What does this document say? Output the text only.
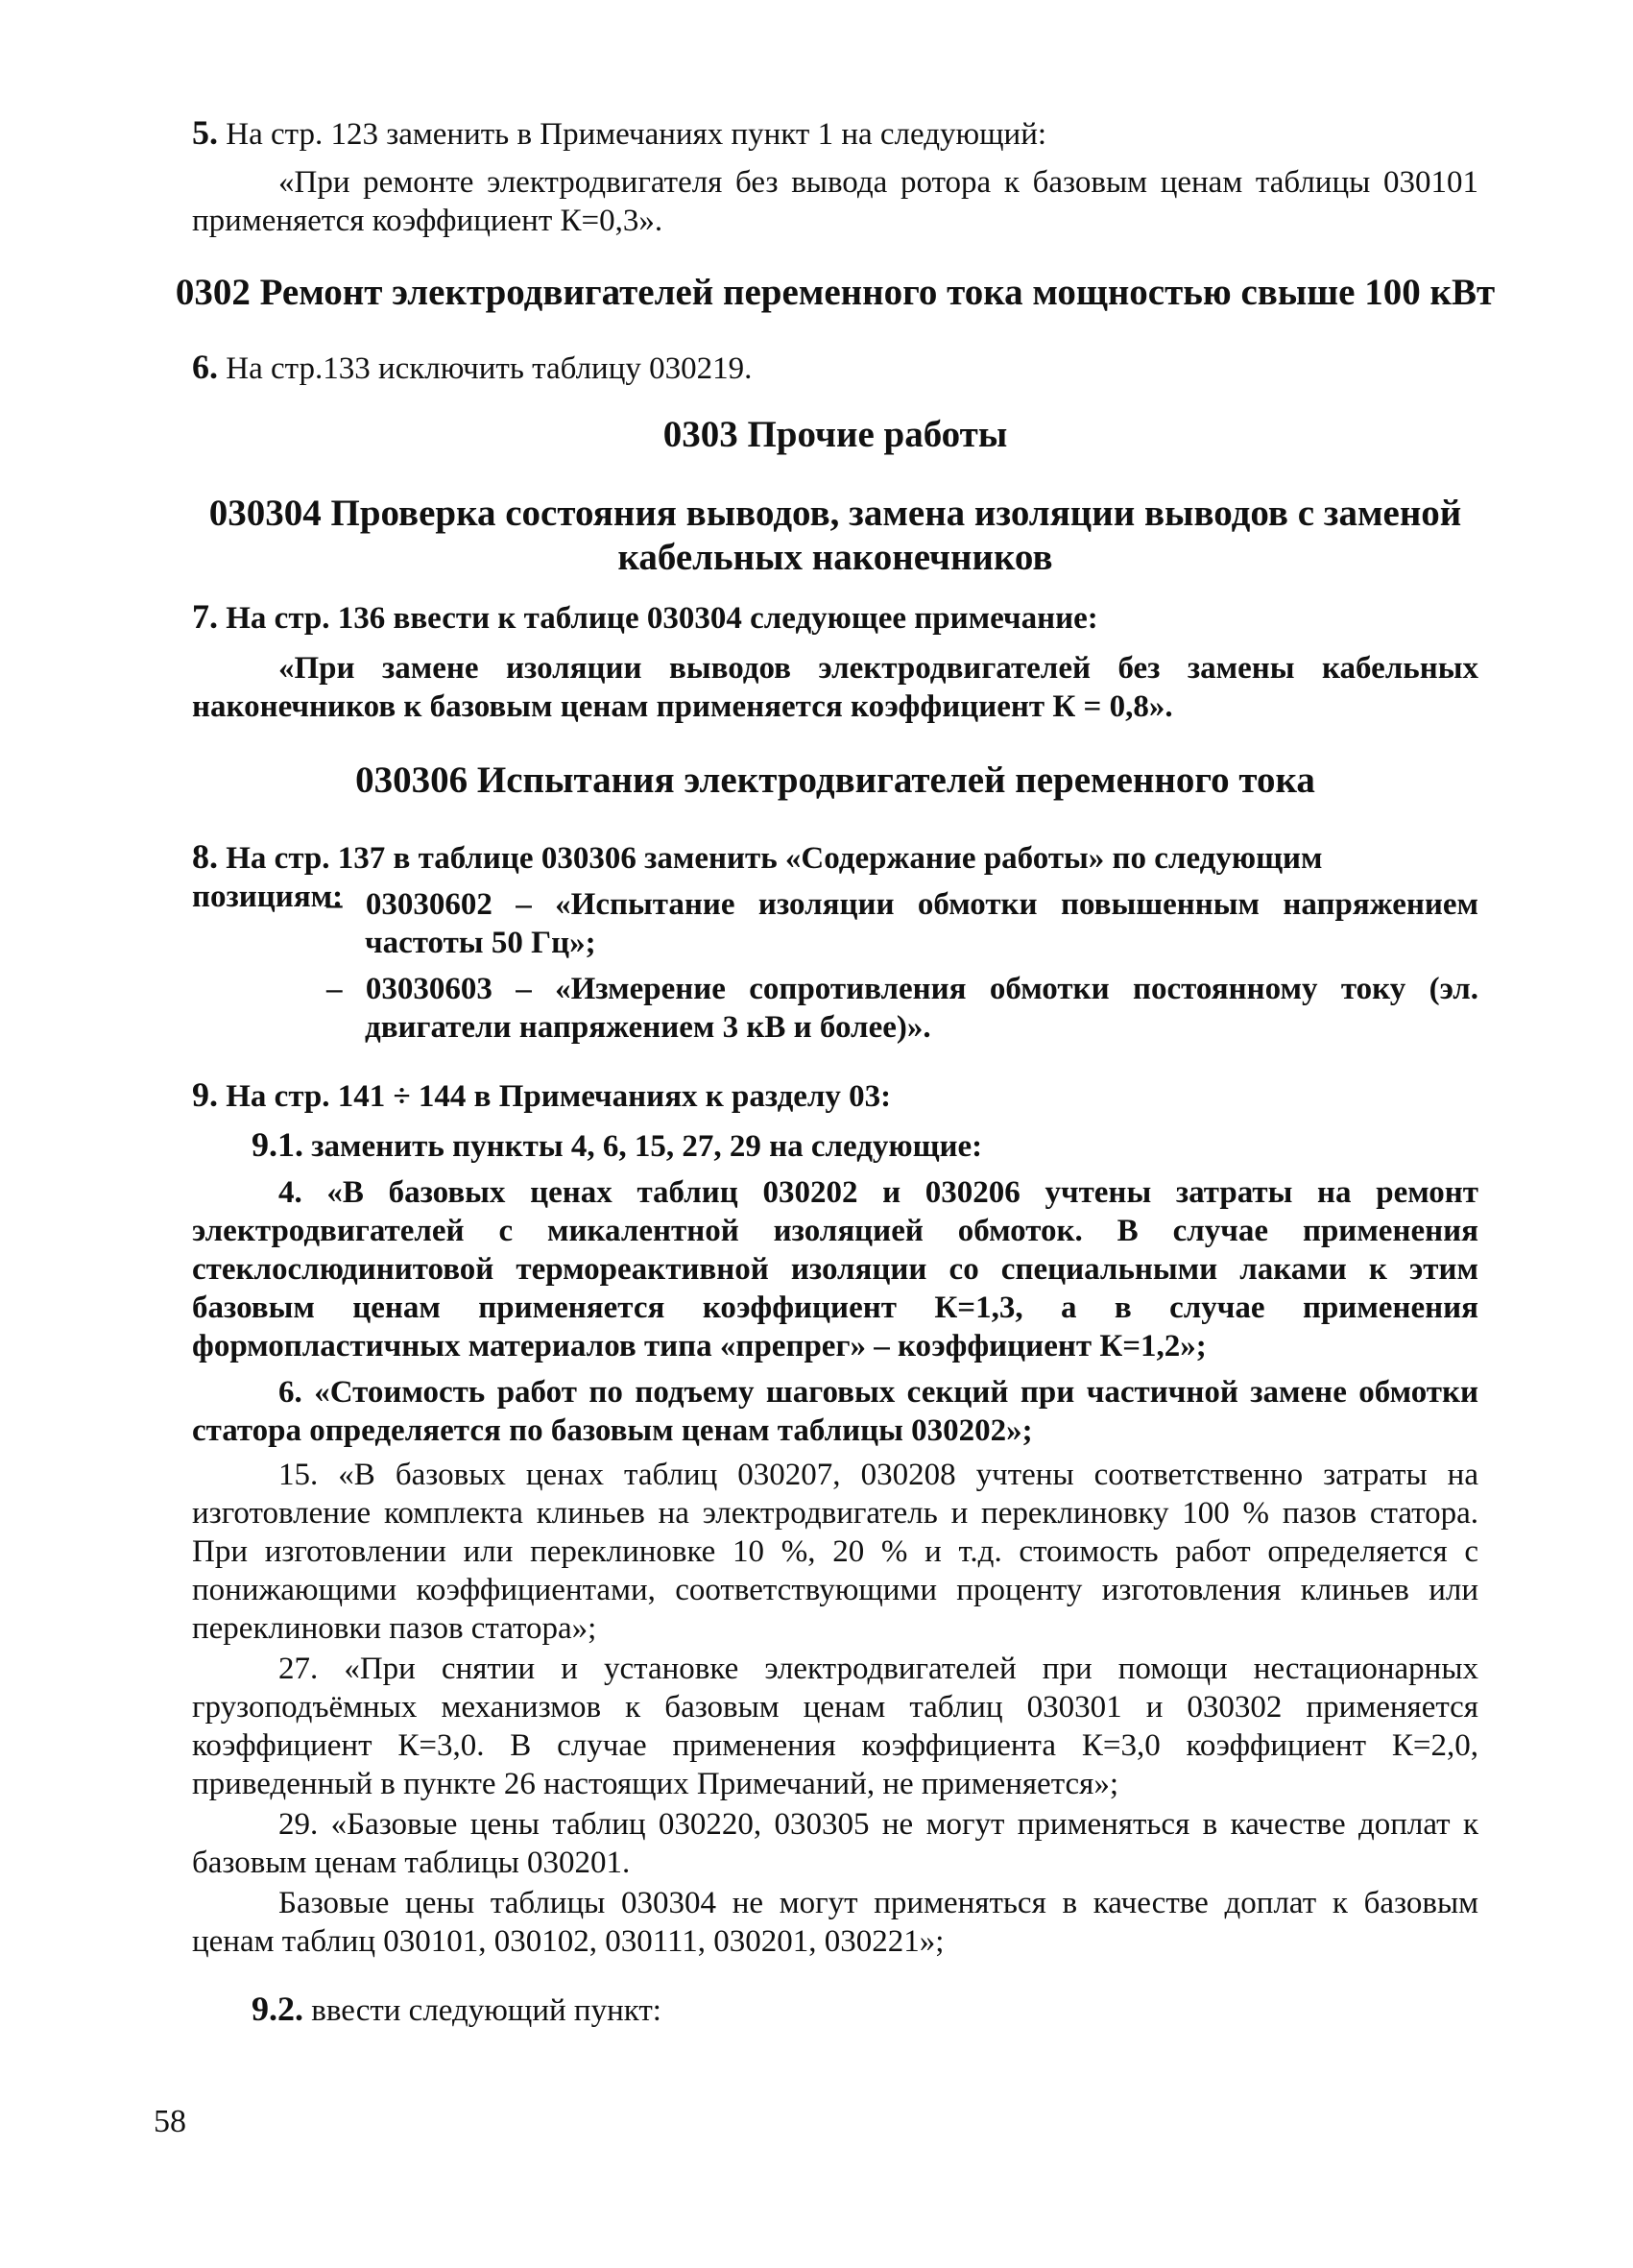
5. На стр. 123 заменить в Примечаниях пункт 1 на следующий:

«При ремонте электродвигателя без вывода ротора к базовым ценам таблицы 030101 применяется коэффициент К=0,3».

0302 Ремонт электродвигателей переменного тока мощностью свыше 100 кВт

6. На стр.133 исключить таблицу 030219.

0303 Прочие работы

030304 Проверка состояния выводов, замена изоляции выводов с заменой кабельных наконечников

7. На стр. 136 ввести к таблице 030304 следующее примечание:

«При замене изоляции выводов электродвигателей без замены кабельных наконечников к базовым ценам применяется коэффициент К = 0,8».

030306 Испытания электродвигателей переменного тока

8. На стр. 137 в таблице 030306 заменить «Содержание работы» по следующим позициям:

– 03030602 – «Испытание изоляции обмотки повышенным напряжением частоты 50 Гц»;

– 03030603 – «Измерение сопротивления обмотки постоянному току (эл. двигатели напряжением 3 кВ и более)».

9. На стр. 141 ÷ 144 в Примечаниях к разделу 03:

9.1. заменить пункты 4, 6, 15, 27, 29 на следующие:

4. «В базовых ценах таблиц 030202 и 030206 учтены затраты на ремонт электродвигателей с микалентной изоляцией обмоток. В случае применения стеклослюдинитовой термореактивной изоляции со специальными лаками к этим базовым ценам применяется коэффициент К=1,3, а в случае применения формопластичных материалов типа «препрег» – коэффициент К=1,2»;

6. «Стоимость работ по подъему шаговых секций при частичной замене обмотки статора определяется по базовым ценам таблицы 030202»;

15. «В базовых ценах таблиц 030207, 030208 учтены соответственно затраты на изготовление комплекта клиньев на электродвигатель и переклиновку 100 % пазов статора. При изготовлении или переклиновке 10 %, 20 % и т.д. стоимость работ определяется с понижающими коэффициентами, соответствующими проценту изготовления клиньев или переклиновки пазов статора»;

27. «При снятии и установке электродвигателей при помощи нестационарных грузоподъёмных механизмов к базовым ценам таблиц 030301 и 030302 применяется коэффициент К=3,0. В случае применения коэффициента К=3,0 коэффициент К=2,0, приведенный в пункте 26 настоящих Примечаний, не применяется»;

29. «Базовые цены таблиц 030220, 030305 не могут применяться в качестве доплат к базовым ценам таблицы 030201.

Базовые цены таблицы 030304 не могут применяться в качестве доплат к базовым ценам таблиц 030101, 030102, 030111, 030201, 030221»;

9.2. ввести следующий пункт:

58
